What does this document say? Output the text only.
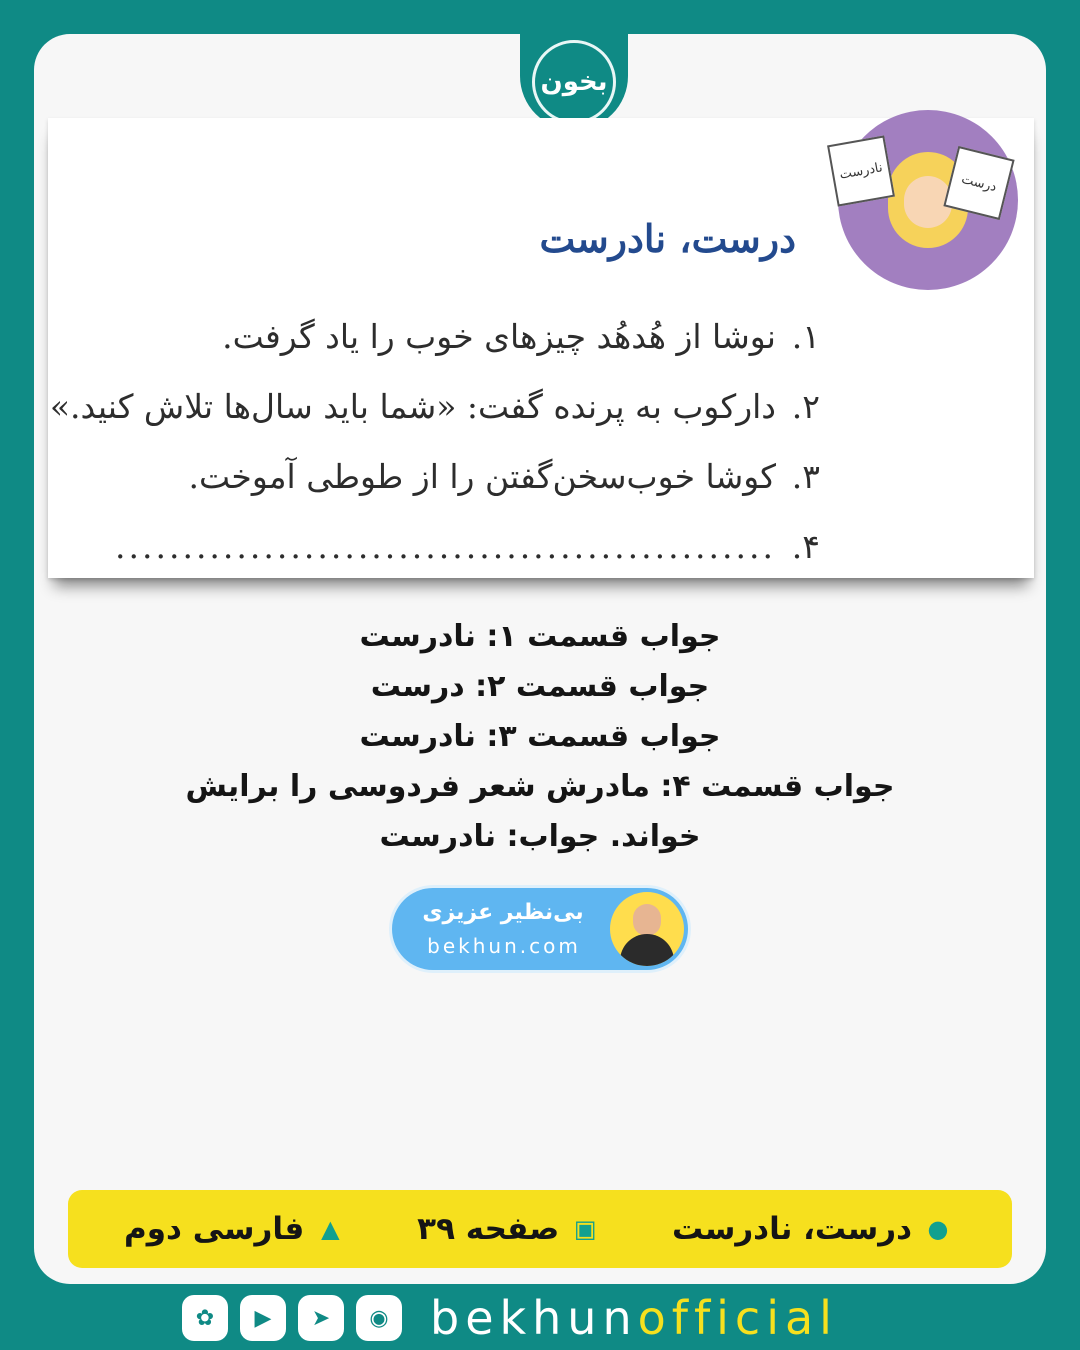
بخون
درست
نادرست
درست، نادرست
۱.نوشا از هُدهُد چیزهای خوب را یاد گرفت.
۲.دارکوب به پرنده گفت: «شما باید سال‌ها تلاش کنید.»
۳.کوشا خوب‌سخن‌گفتن را از طوطی آموخت.
۴..................................................

جواب قسمت ۱: نادرست

جواب قسمت ۲: درست

جواب قسمت ۳: نادرست

جواب قسمت ۴: مادرش شعر فردوسی را برایش

خواند. جواب: نادرست

بی‌نظیر عزیزی
bekhun.com
●
درست، نادرست
▣
صفحه ۳۹
▲
فارسی دوم
✿	▶	➤	◉ bekhunofficial
